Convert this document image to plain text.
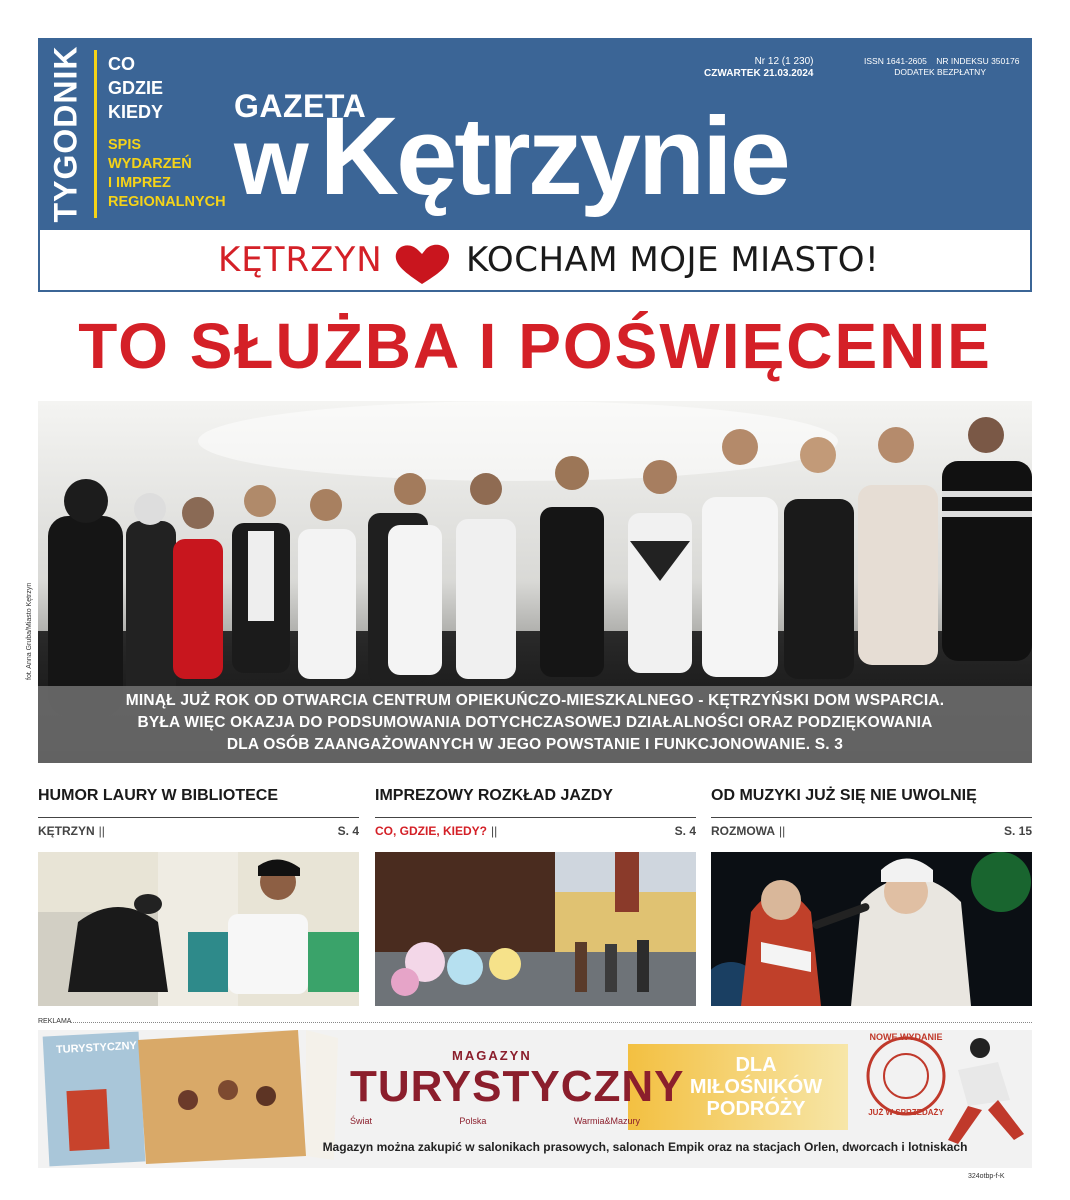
TYGODNIK CO
GDZIE
KIEDY
SPIS
WYDARZEŃ
I IMPREZ
REGIONALNYCH
GAZETA
w Kętrzynie
Nr 12 (1 230)
CZWARTEK 21.03.2024
ISSN 1641-2605    NR INDEKSU 350176
DODATEK BEZPŁATNY
KĘTRZYN KOCHAM MOJE MIASTO!
TO SŁUŻBA I POŚWIĘCENIE
fot. Anna Gruba/Miasto Kętrzyn
MINĄŁ JUŻ ROK OD OTWARCIA CENTRUM OPIEKUŃCZO-MIESZKALNEGO - KĘTRZYŃSKI DOM WSPARCIA.
BYŁA WIĘC OKAZJA DO PODSUMOWANIA DOTYCHCZASOWEJ DZIAŁALNOŚCI ORAZ PODZIĘKOWANIA
DLA OSÓB ZAANGAŻOWANYCH W JEGO POWSTANIE I FUNKCJONOWANIE. S. 3
HUMOR LAURY W BIBLIOTECE
KĘTRZYN ||	S. 4
IMPREZOWY ROZKŁAD JAZDY
CO, GDZIE, KIEDY? ||	S. 4
OD MUZYKI JUŻ SIĘ NIE UWOLNIĘ
ROZMOWA ||	S. 15
REKLAMA
TURYSTYCZNY	MAGAZYN
TURYSTYCZNY
Świat	Polska	Warmia&Mazury
DLA
MIŁOŚNIKÓW
PODRÓŻY
NOWE WYDANIE
JUŻ W SPRZEDAŻY
Magazyn można zakupić w salonikach prasowych, salonach Empik oraz na stacjach Orlen, dworcach i lotniskach
324otbp-f-K
